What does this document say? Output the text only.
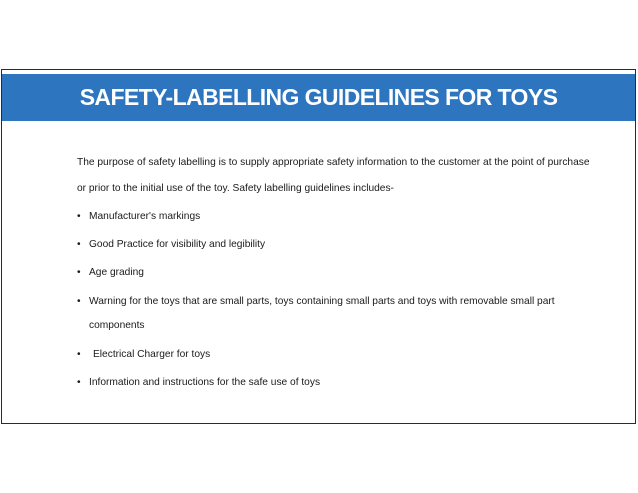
SAFETY-LABELLING GUIDELINES FOR TOYS

The purpose of safety labelling is to supply appropriate safety information to the customer at the point of purchase or prior to the initial use of the toy. Safety labelling guidelines includes-

• Manufacturer's markings
• Good Practice for visibility and legibility
• Age grading
• Warning for the toys that are small parts, toys containing small parts and toys with removable small part components
• Electrical Charger for toys
• Information and instructions for the safe use of toys
